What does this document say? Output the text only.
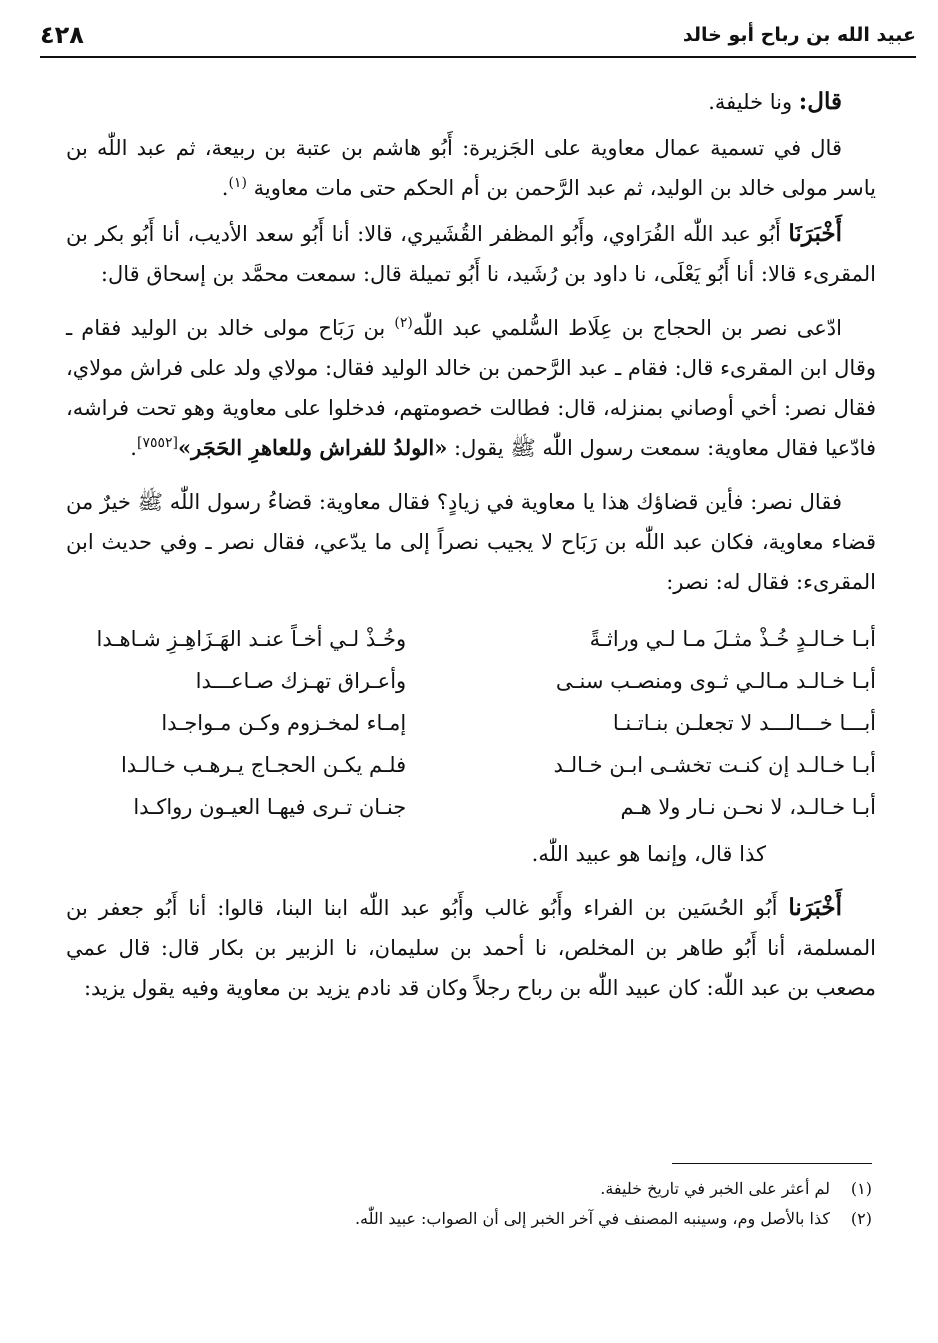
عبيد الله بن رباح أبو خالد
٤٢٨

قال: ونا خليفة.

قال في تسمية عمال معاوية على الجَزيرة: أَبُو هاشم بن عتبة بن ربيعة، ثم عبد اللّٰه بن ياسر مولى خالد بن الوليد، ثم عبد الرَّحمن بن أم الحكم حتى مات معاوية $^{(١)}$.

أَخْبَرَنَا أَبُو عبد اللّٰه الفُرَاوي، وأَبُو المظفر القُشَيري، قالا: أنا أَبُو سعد الأديب، أنا أَبُو بكر بن المقرىء قالا: أنا أَبُو يَعْلَى، نا داود بن رُشَيد، نا أَبُو تميلة قال: سمعت محمَّد بن إسحاق قال:

ادّعى نصر بن الحجاج بن عِلَاط السُّلمي عبد اللّٰه$^{(٢)}$ بن رَبَاح مولى خالد بن الوليد فقام ـ وقال ابن المقرىء قال: فقام ـ عبد الرَّحمن بن خالد الوليد فقال: مولاي ولد على فراش مولاي، فقال نصر: أخي أوصاني بمنزله، قال: فطالت خصومتهم، فدخلوا على معاوية وهو تحت فراشه، فادّعيا فقال معاوية: سمعت رسول اللّٰه ﷺ يقول: «الولدُ للفراش وللعاهرِ الحَجَر»[٧٥٥٢].

فقال نصر: فأين قضاؤك هذا يا معاوية في زيادٍ؟ فقال معاوية: قضاءُ رسول اللّٰه ﷺ خيرٌ من قضاء معاوية، فكان عبد اللّٰه بن رَبَاح لا يجيب نصراً إلى ما يدّعي، فقال نصر ـ وفي حديث ابن المقرىء: فقال له: نصر:

أبـا خـالـدٍ خُـذْ مثـلَ مـا لـي وراثـةً
وخُـذْ لـي أخـاً عنـد الهَـزَاهِـزِ شـاهـدا
أبـا خـالـد مـالـي ثـوى ومنصـب سنـى
وأعـراق تهـزك صـاعـــدا
أبـــا خـــالـــد لا تجعلـن بنـاتـنـا
إمـاء لمخـزوم وكـن مـواجـدا
أبـا خـالـد إن كنـت تخشـى ابـن خـالـد
فلـم يكـن الحجـاج يـرهـب خـالـدا
أبـا خـالـد، لا نحـن نـار ولا هـم
جنـان تـرى فيهـا العيـون رواكـدا

كذا قال، وإنما هو عبيد اللّٰه.

أَخْبَرَنا أَبُو الحُسَين بن الفراء وأَبُو غالب وأَبُو عبد اللّٰه ابنا البنا، قالوا: أنا أَبُو جعفر بن المسلمة، أنا أَبُو طاهر بن المخلص، نا أحمد بن سليمان، نا الزبير بن بكار قال: قال عمي مصعب بن عبد اللّٰه: كان عبيد اللّٰه بن رباح رجلاً وكان قد نادم يزيد بن معاوية وفيه يقول يزيد:

(١)
لم أعثر على الخبر في تاريخ خليفة.
(٢)
كذا بالأصل وم، وسينبه المصنف في آخر الخبر إلى أن الصواب: عبيد اللّٰه.
